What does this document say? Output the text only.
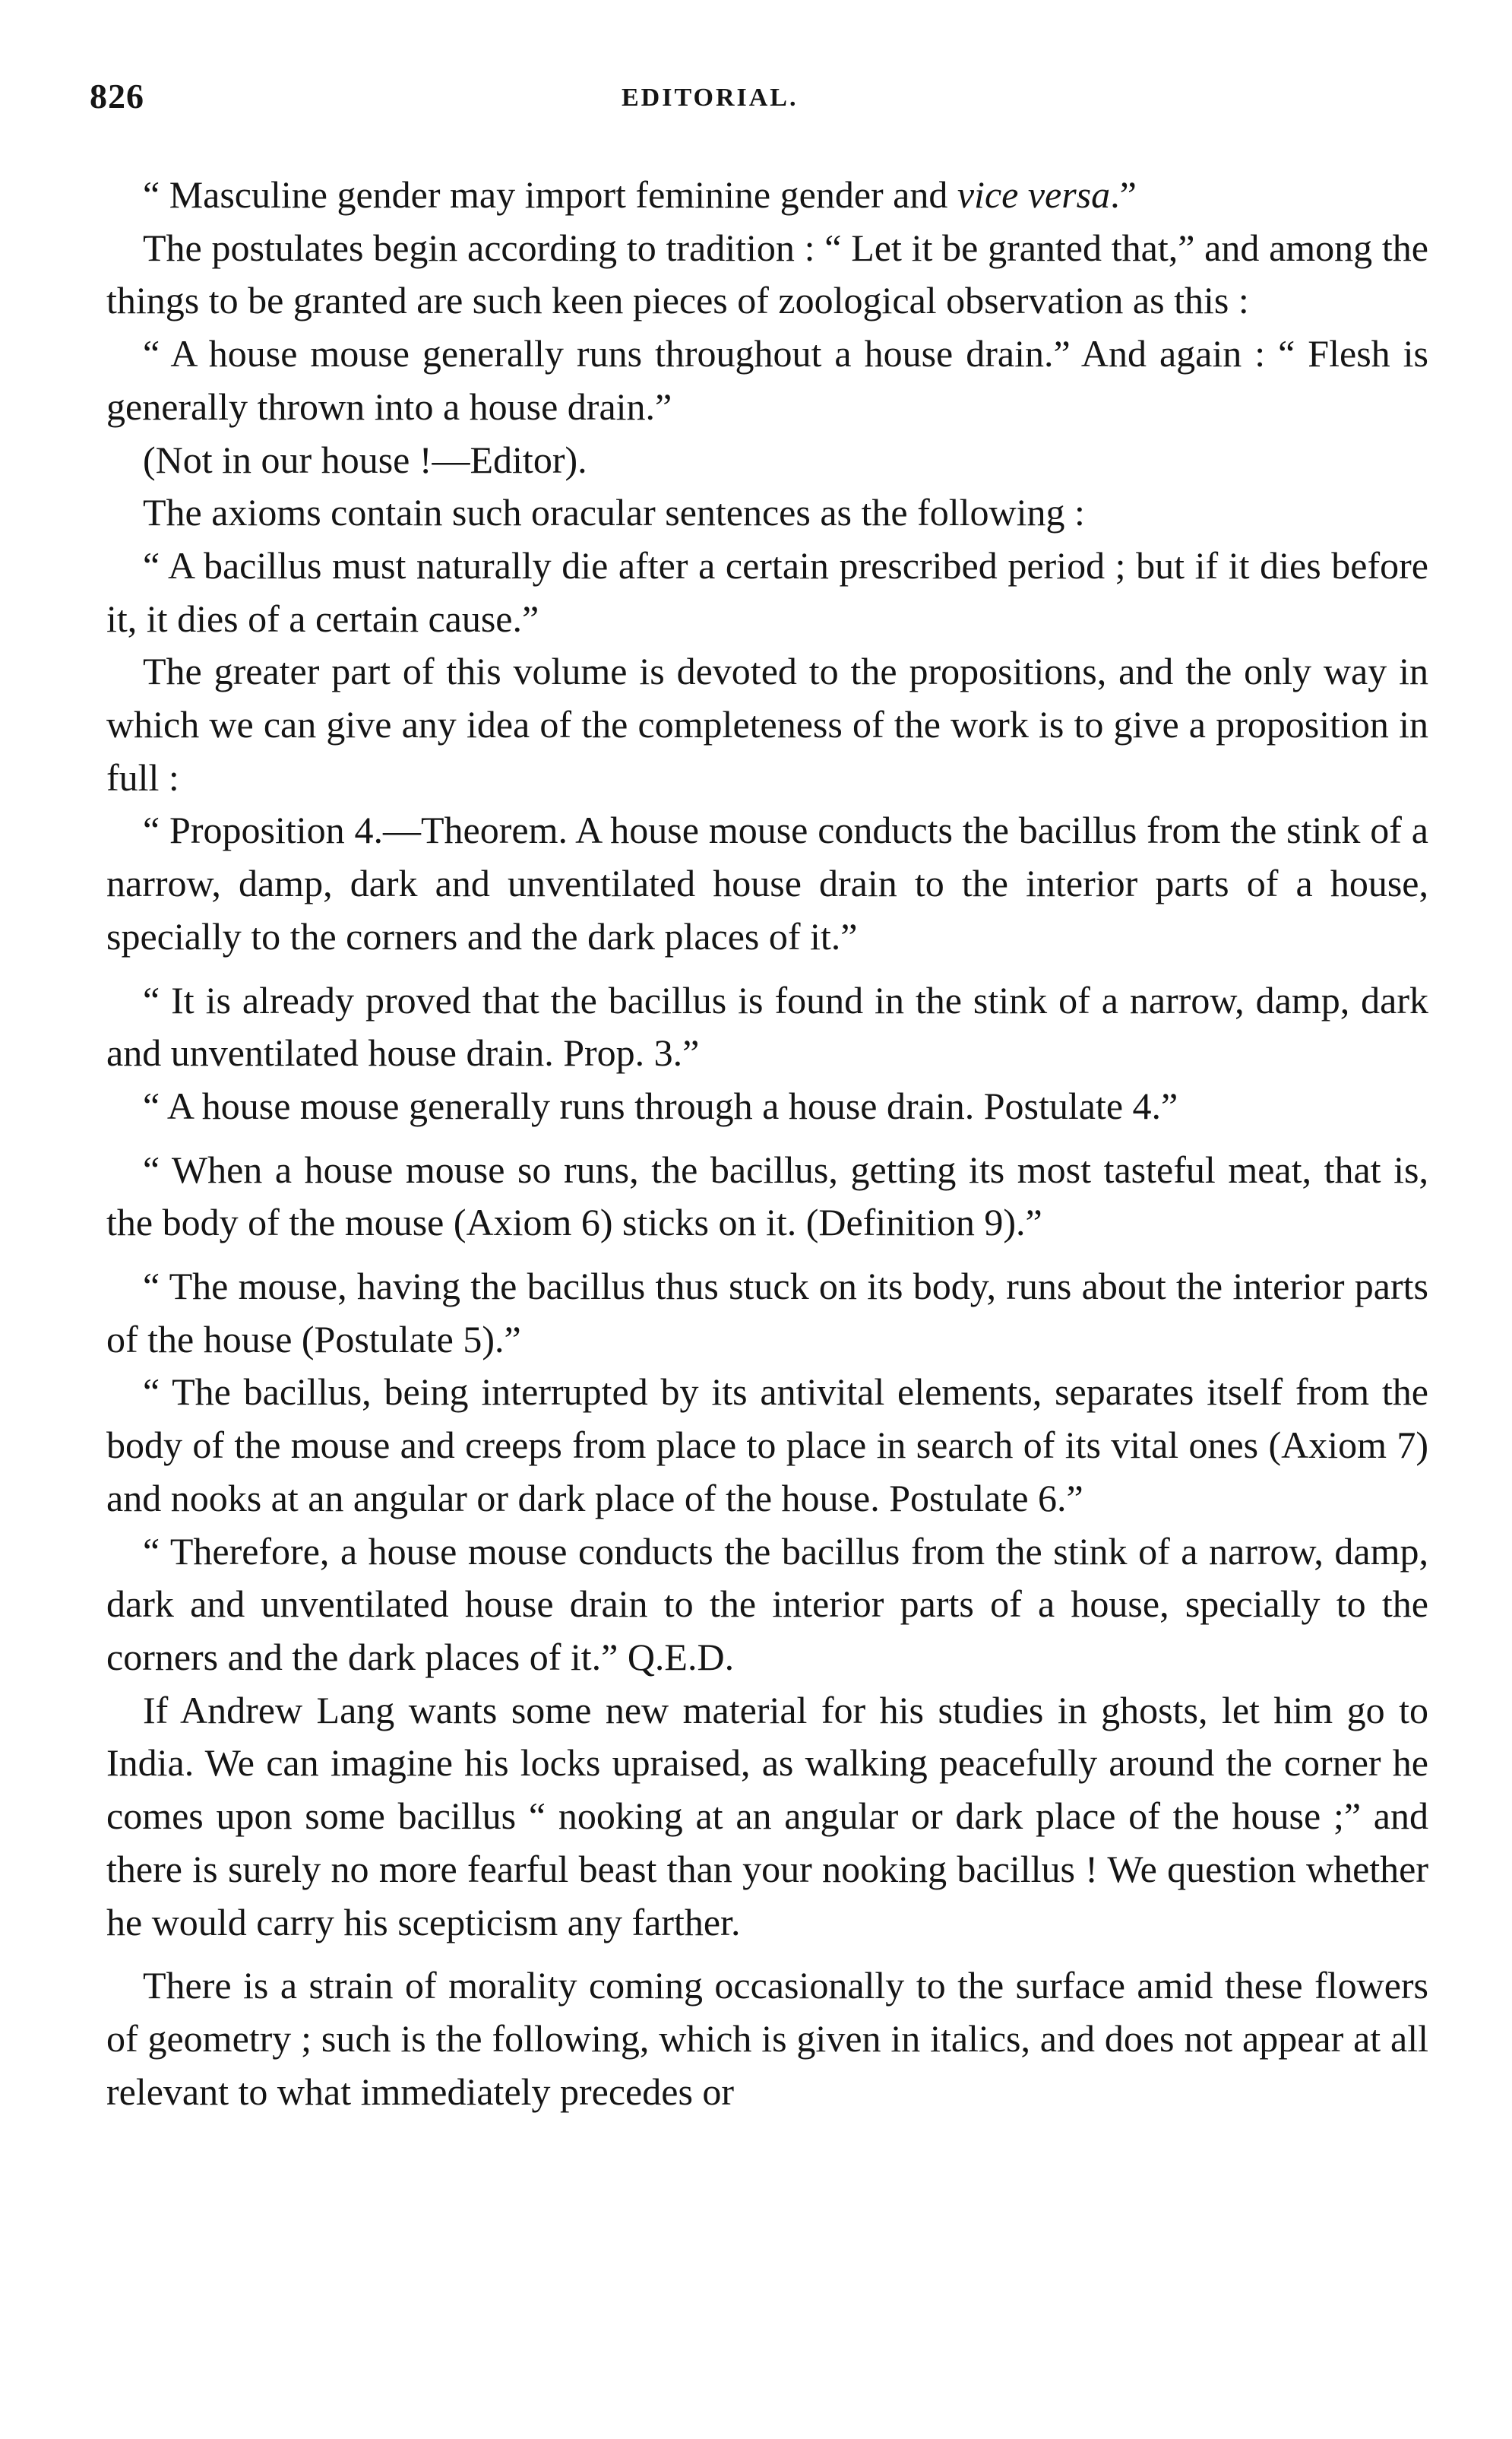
826	EDITORIAL.

“ Masculine gender may import feminine gender and vice versa.”

The postulates begin according to tradition : “ Let it be granted that,” and among the things to be granted are such keen pieces of zoological observation as this :

“ A house mouse generally runs throughout a house drain.” And again : “ Flesh is generally thrown into a house drain.”

(Not in our house !—Editor).

The axioms contain such oracular sentences as the following :

“ A bacillus must naturally die after a certain prescribed period ; but if it dies before it, it dies of a certain cause.”

The greater part of this volume is devoted to the propositions, and the only way in which we can give any idea of the completeness of the work is to give a proposition in full :

“ Proposition 4.—Theorem. A house mouse conducts the bacillus from the stink of a narrow, damp, dark and unventilated house drain to the interior parts of a house, specially to the corners and the dark places of it.”

“ It is already proved that the bacillus is found in the stink of a narrow, damp, dark and unventilated house drain. Prop. 3.”

“ A house mouse generally runs through a house drain. Postulate 4.”

“ When a house mouse so runs, the bacillus, getting its most tasteful meat, that is, the body of the mouse (Axiom 6) sticks on it. (Definition 9).”

“ The mouse, having the bacillus thus stuck on its body, runs about the interior parts of the house (Postulate 5).”

“ The bacillus, being interrupted by its antivital elements, separates itself from the body of the mouse and creeps from place to place in search of its vital ones (Axiom 7) and nooks at an angular or dark place of the house. Postulate 6.”

“ Therefore, a house mouse conducts the bacillus from the stink of a narrow, damp, dark and unventilated house drain to the interior parts of a house, specially to the corners and the dark places of it.” Q.E.D.

If Andrew Lang wants some new material for his studies in ghosts, let him go to India. We can imagine his locks upraised, as walking peacefully around the corner he comes upon some bacillus “ nooking at an angular or dark place of the house ;” and there is surely no more fearful beast than your nooking bacillus ! We question whether he would carry his scepticism any farther.

There is a strain of morality coming occasionally to the surface amid these flowers of geometry ; such is the following, which is given in italics, and does not appear at all relevant to what immediately precedes or
